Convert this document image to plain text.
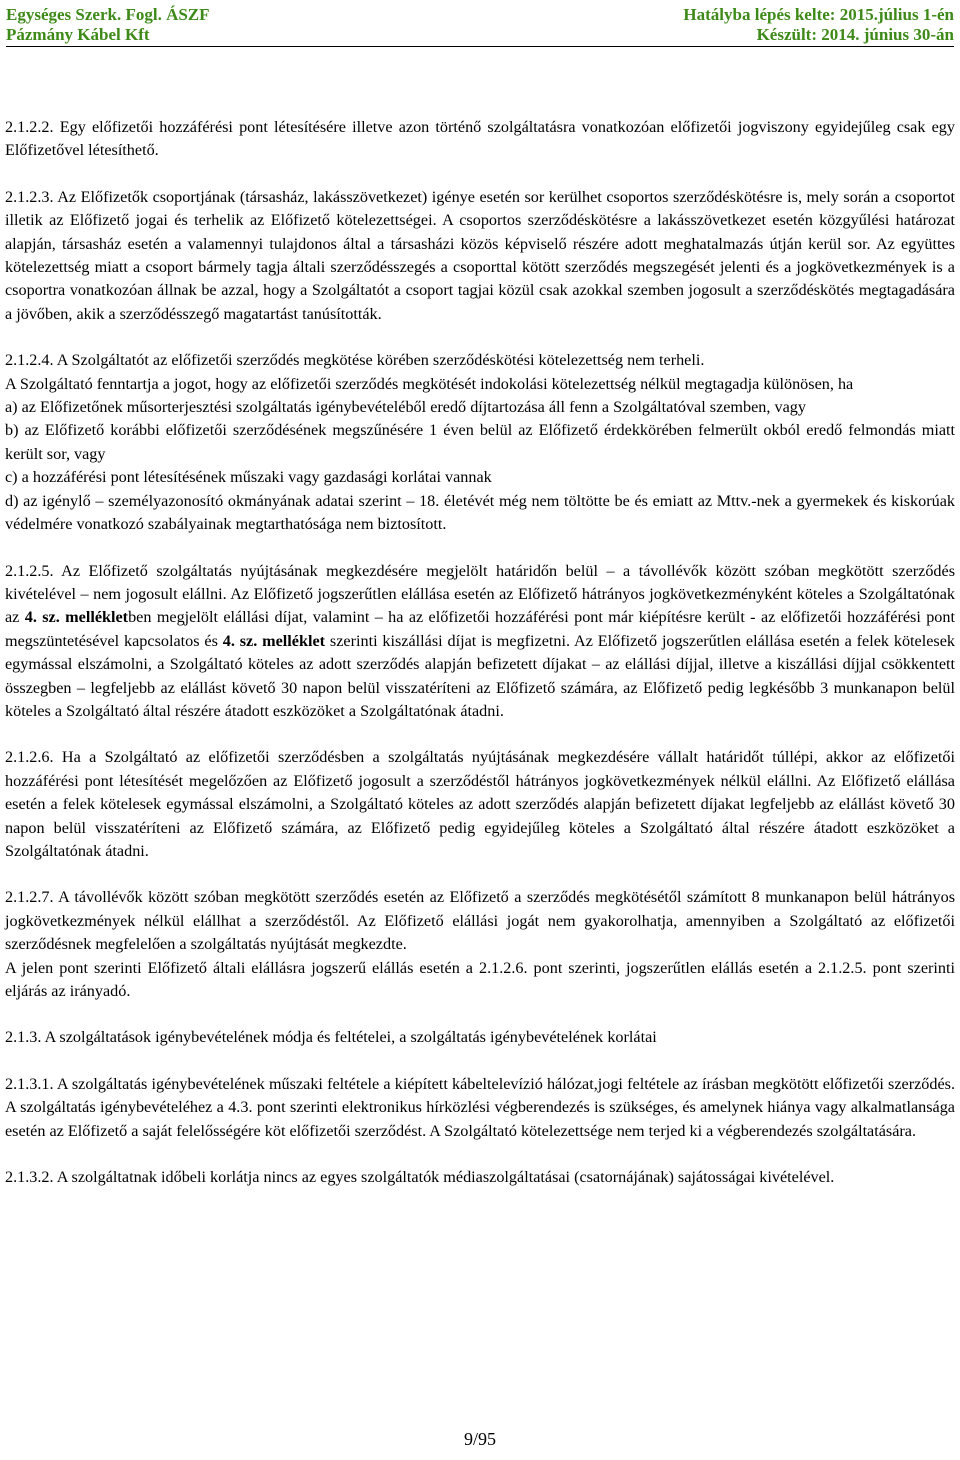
Egységes Szerk. Fogl. ÁSZF
Pázmány Kábel Kft
Hatályba lépés kelte: 2015.július 1-én
Készült: 2014. június 30-án

2.1.2.2. Egy előfizetői hozzáférési pont létesítésére illetve azon történő szolgáltatásra vonatkozóan előfizetői jogviszony egyidejűleg csak egy Előfizetővel létesíthető.

2.1.2.3. Az Előfizetők csoportjának (társasház, lakásszövetkezet) igénye esetén sor kerülhet csoportos szerződéskötésre is, mely során a csoportot illetik az Előfizető jogai és terhelik az Előfizető kötelezettségei. A csoportos szerződéskötésre a lakásszövetkezet esetén közgyűlési határozat alapján, társasház esetén a valamennyi tulajdonos által a társasházi közös képviselő részére adott meghatalmazás útján kerül sor. Az együttes kötelezettség miatt a csoport bármely tagja általi szerződésszegés a csoporttal kötött szerződés megszegését jelenti és a jogkövetkezmények is a csoportra vonatkozóan állnak be azzal, hogy a Szolgáltatót a csoport tagjai közül csak azokkal szemben jogosult a szerződéskötés megtagadására a jövőben, akik a szerződésszegő magatartást tanúsították.

2.1.2.4. A Szolgáltatót az előfizetői szerződés megkötése körében szerződéskötési kötelezettség nem terheli.

A Szolgáltató fenntartja a jogot, hogy az előfizetői szerződés megkötését indokolási kötelezettség nélkül megtagadja különösen, ha

a) az Előfizetőnek műsorterjesztési szolgáltatás igénybevételéből eredő díjtartozása áll fenn a Szolgáltatóval szemben, vagy

b) az Előfizető korábbi előfizetői szerződésének megszűnésére 1 éven belül az Előfizető érdekkörében felmerült okból eredő felmondás miatt került sor, vagy

c) a hozzáférési pont létesítésének műszaki vagy gazdasági korlátai vannak

d) az igénylő – személyazonosító okmányának adatai szerint – 18. életévét még nem töltötte be és emiatt az Mttv.-nek a gyermekek és kiskorúak védelmére vonatkozó szabályainak megtarthatósága nem biztosított.

2.1.2.5. Az Előfizető szolgáltatás nyújtásának megkezdésére megjelölt határidőn belül – a távollévők között szóban megkötött szerződés kivételével – nem jogosult elállni. Az Előfizető jogszerűtlen elállása esetén az Előfizető hátrányos jogkövetkezményként köteles a Szolgáltatónak az 4. sz. mellékletben megjelölt elállási díjat, valamint – ha az előfizetői hozzáférési pont már kiépítésre került - az előfizetői hozzáférési pont megszüntetésével kapcsolatos és 4. sz. melléklet szerinti kiszállási díjat is megfizetni. Az Előfizető jogszerűtlen elállása esetén a felek kötelesek egymással elszámolni, a Szolgáltató köteles az adott szerződés alapján befizetett díjakat – az elállási díjjal, illetve a kiszállási díjjal csökkentett összegben – legfeljebb az elállást követő 30 napon belül visszatéríteni az Előfizető számára, az Előfizető pedig legkésőbb 3 munkanapon belül köteles a Szolgáltató által részére átadott eszközöket a Szolgáltatónak átadni.

2.1.2.6. Ha a Szolgáltató az előfizetői szerződésben a szolgáltatás nyújtásának megkezdésére vállalt határidőt túllépi, akkor az előfizetői hozzáférési pont létesítését megelőzően az Előfizető jogosult a szerződéstől hátrányos jogkövetkezmények nélkül elállni. Az Előfizető elállása esetén a felek kötelesek egymással elszámolni, a Szolgáltató köteles az adott szerződés alapján befizetett díjakat legfeljebb az elállást követő 30 napon belül visszatéríteni az Előfizető számára, az Előfizető pedig egyidejűleg köteles a Szolgáltató által részére átadott eszközöket a Szolgáltatónak átadni.

2.1.2.7. A távollévők között szóban megkötött szerződés esetén az Előfizető a szerződés megkötésétől számított 8 munkanapon belül hátrányos jogkövetkezmények nélkül elállhat a szerződéstől. Az Előfizető elállási jogát nem gyakorolhatja, amennyiben a Szolgáltató az előfizetői szerződésnek megfelelően a szolgáltatás nyújtását megkezdte.

A jelen pont szerinti Előfizető általi elállásra jogszerű elállás esetén a 2.1.2.6. pont szerinti, jogszerűtlen elállás esetén a 2.1.2.5. pont szerinti eljárás az irányadó.

2.1.3. A szolgáltatások igénybevételének módja és feltételei, a szolgáltatás igénybevételének korlátai

2.1.3.1. A szolgáltatás igénybevételének műszaki feltétele a kiépített kábeltelevízió hálózat,jogi feltétele az írásban megkötött előfizetői szerződés. A szolgáltatás igénybevételéhez a 4.3. pont szerinti elektronikus hírközlési végberendezés is szükséges, és amelynek hiánya vagy alkalmatlansága esetén az Előfizető a saját felelősségére köt előfizetői szerződést. A Szolgáltató kötelezettsége nem terjed ki a végberendezés szolgáltatására.

2.1.3.2. A szolgáltatnak időbeli korlátja nincs az egyes szolgáltatók médiaszolgáltatásai (csatornájának) sajátosságai kivételével.

9/95
